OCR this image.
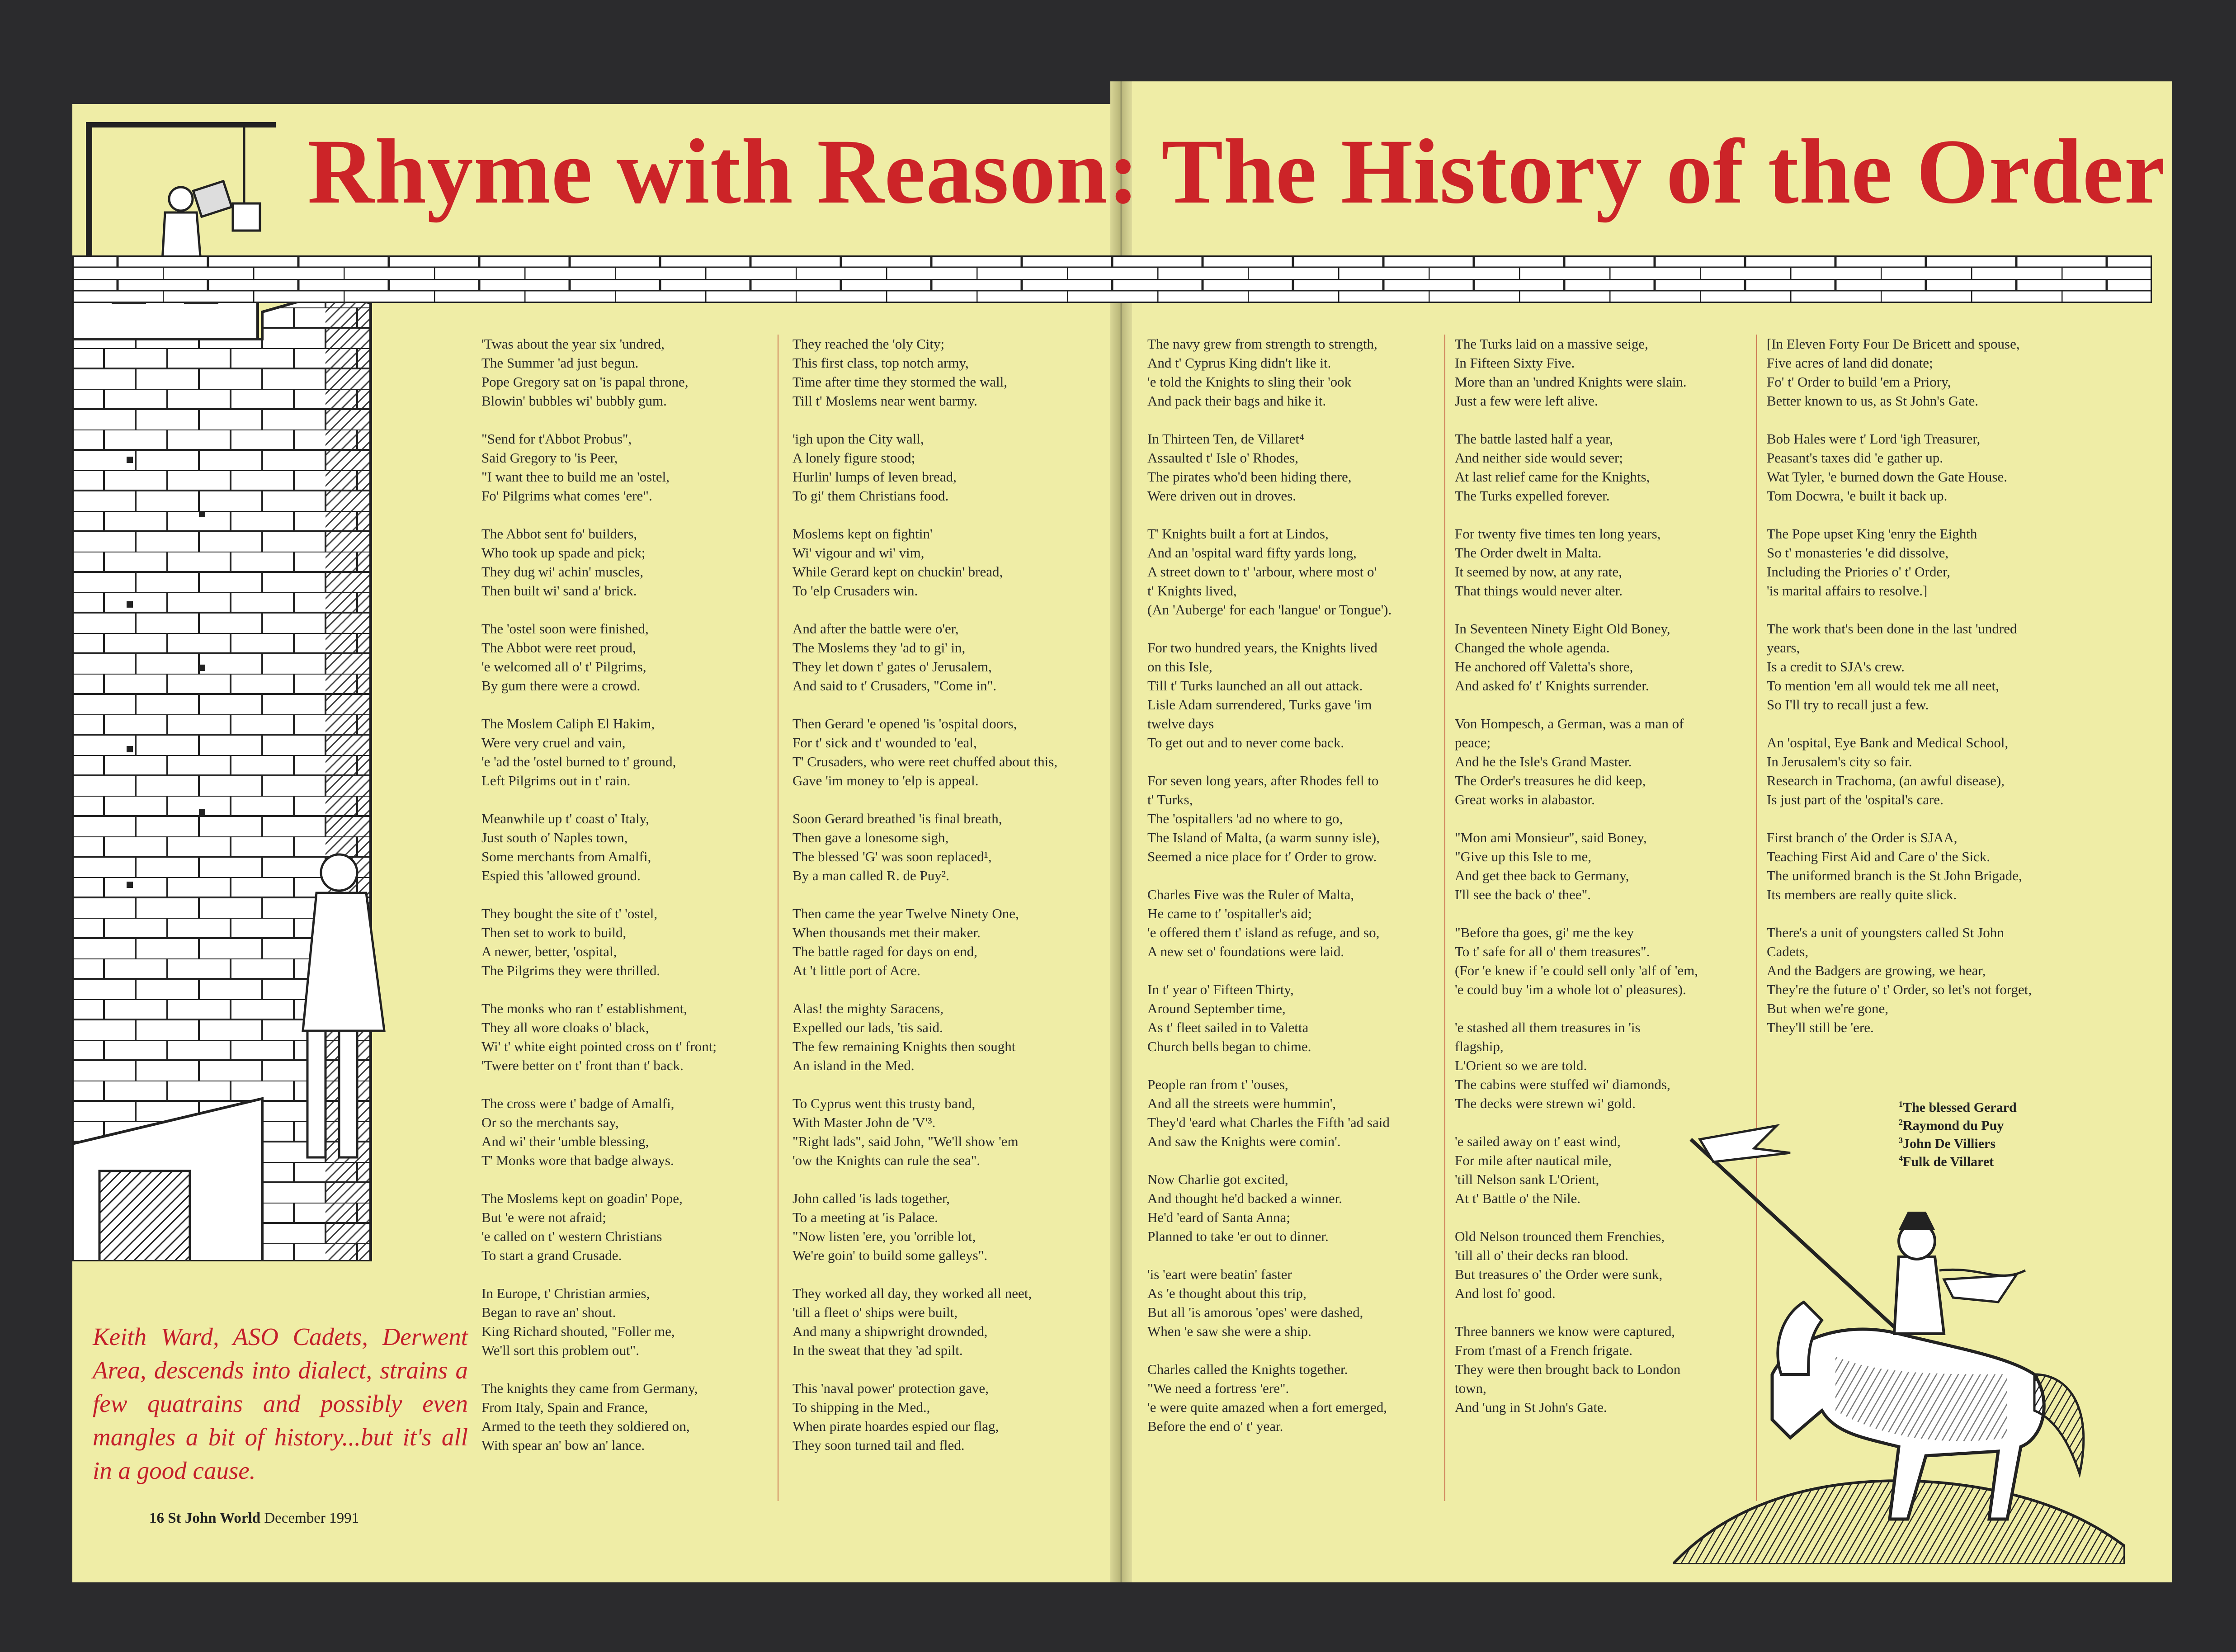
Rhyme with Reason: The History of the Order
'Twas about the year six 'undred,
The Summer 'ad just begun.
Pope Gregory sat on 'is papal throne,
Blowin' bubbles wi' bubbly gum.
"Send for t'Abbot Probus",
Said Gregory to 'is Peer,
"I want thee to build me an 'ostel,
Fo' Pilgrims what comes 'ere".
The Abbot sent fo' builders,
Who took up spade and pick;
They dug wi' achin' muscles,
Then built wi' sand a' brick.
The 'ostel soon were finished,
The Abbot were reet proud,
'e welcomed all o' t' Pilgrims,
By gum there were a crowd.
The Moslem Caliph El Hakim,
Were very cruel and vain,
'e 'ad the 'ostel burned to t' ground,
Left Pilgrims out in t' rain.
Meanwhile up t' coast o' Italy,
Just south o' Naples town,
Some merchants from Amalfi,
Espied this 'allowed ground.
They bought the site of t' 'ostel,
Then set to work to build,
A newer, better, 'ospital,
The Pilgrims they were thrilled.
The monks who ran t' establishment,
They all wore cloaks o' black,
Wi' t' white eight pointed cross on t' front;
'Twere better on t' front than t' back.
The cross were t' badge of Amalfi,
Or so the merchants say,
And wi' their 'umble blessing,
T' Monks wore that badge always.
The Moslems kept on goadin' Pope,
But 'e were not afraid;
'e called on t' western Christians
To start a grand Crusade.
In Europe, t' Christian armies,
Began to rave an' shout.
King Richard shouted, "Foller me,
We'll sort this problem out".
The knights they came from Germany,
From Italy, Spain and France,
Armed to the teeth they soldiered on,
With spear an' bow an' lance.
They reached the 'oly City;
This first class, top notch army,
Time after time they stormed the wall,
Till t' Moslems near went barmy.
'igh upon the City wall,
A lonely figure stood;
Hurlin' lumps of leven bread,
To gi' them Christians food.
Moslems kept on fightin'
Wi' vigour and wi' vim,
While Gerard kept on chuckin' bread,
To 'elp Crusaders win.
And after the battle were o'er,
The Moslems they 'ad to gi' in,
They let down t' gates o' Jerusalem,
And said to t' Crusaders, "Come in".
Then Gerard 'e opened 'is 'ospital doors,
For t' sick and t' wounded to 'eal,
T' Crusaders, who were reet chuffed about this,
Gave 'im money to 'elp is appeal.
Soon Gerard breathed 'is final breath,
Then gave a lonesome sigh,
The blessed 'G' was soon replaced¹,
By a man called R. de Puy².
Then came the year Twelve Ninety One,
When thousands met their maker.
The battle raged for days on end,
At 't little port of Acre.
Alas! the mighty Saracens,
Expelled our lads, 'tis said.
The few remaining Knights then sought
An island in the Med.
To Cyprus went this trusty band,
With Master John de 'V'³.
"Right lads", said John, "We'll show 'em
'ow the Knights can rule the sea".
John called 'is lads together,
To a meeting at 'is Palace.
"Now listen 'ere, you 'orrible lot,
We're goin' to build some galleys".
They worked all day, they worked all neet,
'till a fleet o' ships were built,
And many a shipwright drownded,
In the sweat that they 'ad spilt.
This 'naval power' protection gave,
To shipping in the Med.,
When pirate hoardes espied our flag,
They soon turned tail and fled.
The navy grew from strength to strength,
And t' Cyprus King didn't like it.
'e told the Knights to sling their 'ook
And pack their bags and hike it.
In Thirteen Ten, de Villaret⁴
Assaulted t' Isle o' Rhodes,
The pirates who'd been hiding there,
Were driven out in droves.
T' Knights built a fort at Lindos,
And an 'ospital ward fifty yards long,
A street down to t' 'arbour, where most o'
t' Knights lived,
(An 'Auberge' for each 'langue' or Tongue').
For two hundred years, the Knights lived
on this Isle,
Till t' Turks launched an all out attack.
Lisle Adam surrendered, Turks gave 'im
twelve days
To get out and to never come back.
For seven long years, after Rhodes fell to
t' Turks,
The 'ospitallers 'ad no where to go,
The Island of Malta, (a warm sunny isle),
Seemed a nice place for t' Order to grow.
Charles Five was the Ruler of Malta,
He came to t' 'ospitaller's aid;
'e offered them t' island as refuge, and so,
A new set o' foundations were laid.
In t' year o' Fifteen Thirty,
Around September time,
As t' fleet sailed in to Valetta
Church bells began to chime.
People ran from t' 'ouses,
And all the streets were hummin',
They'd 'eard what Charles the Fifth 'ad said
And saw the Knights were comin'.
Now Charlie got excited,
And thought he'd backed a winner.
He'd 'eard of Santa Anna;
Planned to take 'er out to dinner.
'is 'eart were beatin' faster
As 'e thought about this trip,
But all 'is amorous 'opes' were dashed,
When 'e saw she were a ship.
Charles called the Knights together.
"We need a fortress 'ere".
'e were quite amazed when a fort emerged,
Before the end o' t' year.
The Turks laid on a massive seige,
In Fifteen Sixty Five.
More than an 'undred Knights were slain.
Just a few were left alive.
The battle lasted half a year,
And neither side would sever;
At last relief came for the Knights,
The Turks expelled forever.
For twenty five times ten long years,
The Order dwelt in Malta.
It seemed by now, at any rate,
That things would never alter.
In Seventeen Ninety Eight Old Boney,
Changed the whole agenda.
He anchored off Valetta's shore,
And asked fo' t' Knights surrender.
Von Hompesch, a German, was a man of
peace;
And he the Isle's Grand Master.
The Order's treasures he did keep,
Great works in alabastor.
"Mon ami Monsieur", said Boney,
"Give up this Isle to me,
And get thee back to Germany,
I'll see the back o' thee".
"Before tha goes, gi' me the key
To t' safe for all o' them treasures".
(For 'e knew if 'e could sell only 'alf of 'em,
'e could buy 'im a whole lot o' pleasures).
'e stashed all them treasures in 'is
flagship,
L'Orient so we are told.
The cabins were stuffed wi' diamonds,
The decks were strewn wi' gold.
'e sailed away on t' east wind,
For mile after nautical mile,
'till Nelson sank L'Orient,
At t' Battle o' the Nile.
Old Nelson trounced them Frenchies,
'till all o' their decks ran blood.
But treasures o' the Order were sunk,
And lost fo' good.
Three banners we know were captured,
From t'mast of a French frigate.
They were then brought back to London
town,
And 'ung in St John's Gate.
[In Eleven Forty Four De Bricett and spouse,
Five acres of land did donate;
Fo' t' Order to build 'em a Priory,
Better known to us, as St John's Gate.
Bob Hales were t' Lord 'igh Treasurer,
Peasant's taxes did 'e gather up.
Wat Tyler, 'e burned down the Gate House.
Tom Docwra, 'e built it back up.
The Pope upset King 'enry the Eighth
So t' monasteries 'e did dissolve,
Including the Priories o' t' Order,
'is marital affairs to resolve.]
The work that's been done in the last 'undred
years,
Is a credit to SJA's crew.
To mention 'em all would tek me all neet,
So I'll try to recall just a few.
An 'ospital, Eye Bank and Medical School,
In Jerusalem's city so fair.
Research in Trachoma, (an awful disease),
Is just part of the 'ospital's care.
First branch o' the Order is SJAA,
Teaching First Aid and Care o' the Sick.
The uniformed branch is the St John Brigade,
Its members are really quite slick.
There's a unit of youngsters called St John
Cadets,
And the Badgers are growing, we hear,
They're the future o' t' Order, so let's not forget,
But when we're gone,
They'll still be 'ere.
Keith Ward, ASO Cadets, Derwent Area, descends into dialect, strains a few quatrains and possibly even mangles a bit of history...but it's all in a good cause.
16 St John World December 1991
$^1$The blessed Gerard
$^2$Raymond du Puy
$^3$John De Villiers
$^4$Fulk de Villaret
